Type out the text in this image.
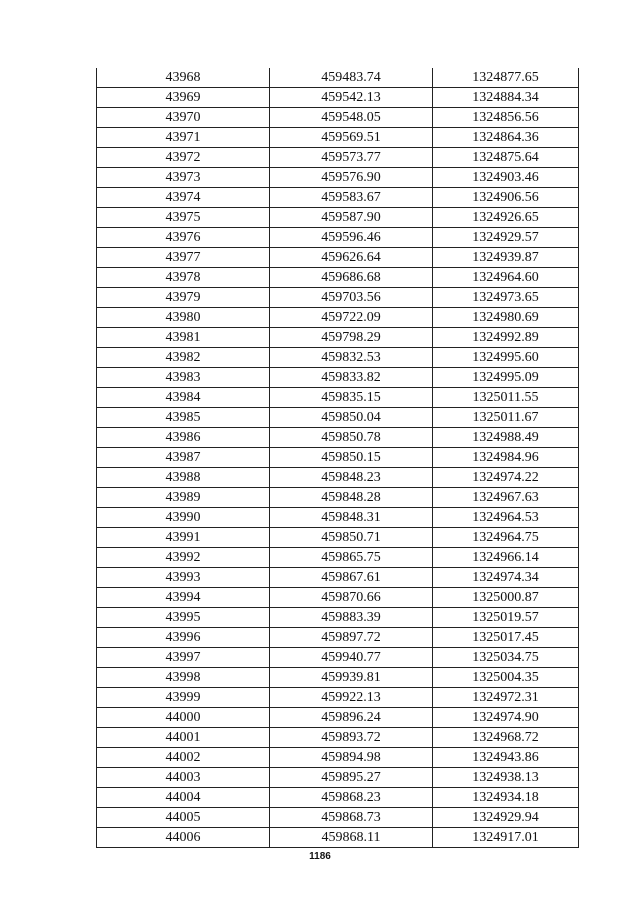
43968	459483.74	1324877.65
43969	459542.13	1324884.34
43970	459548.05	1324856.56
43971	459569.51	1324864.36
43972	459573.77	1324875.64
43973	459576.90	1324903.46
43974	459583.67	1324906.56
43975	459587.90	1324926.65
43976	459596.46	1324929.57
43977	459626.64	1324939.87
43978	459686.68	1324964.60
43979	459703.56	1324973.65
43980	459722.09	1324980.69
43981	459798.29	1324992.89
43982	459832.53	1324995.60
43983	459833.82	1324995.09
43984	459835.15	1325011.55
43985	459850.04	1325011.67
43986	459850.78	1324988.49
43987	459850.15	1324984.96
43988	459848.23	1324974.22
43989	459848.28	1324967.63
43990	459848.31	1324964.53
43991	459850.71	1324964.75
43992	459865.75	1324966.14
43993	459867.61	1324974.34
43994	459870.66	1325000.87
43995	459883.39	1325019.57
43996	459897.72	1325017.45
43997	459940.77	1325034.75
43998	459939.81	1325004.35
43999	459922.13	1324972.31
44000	459896.24	1324974.90
44001	459893.72	1324968.72
44002	459894.98	1324943.86
44003	459895.27	1324938.13
44004	459868.23	1324934.18
44005	459868.73	1324929.94
44006	459868.11	1324917.01
1186
